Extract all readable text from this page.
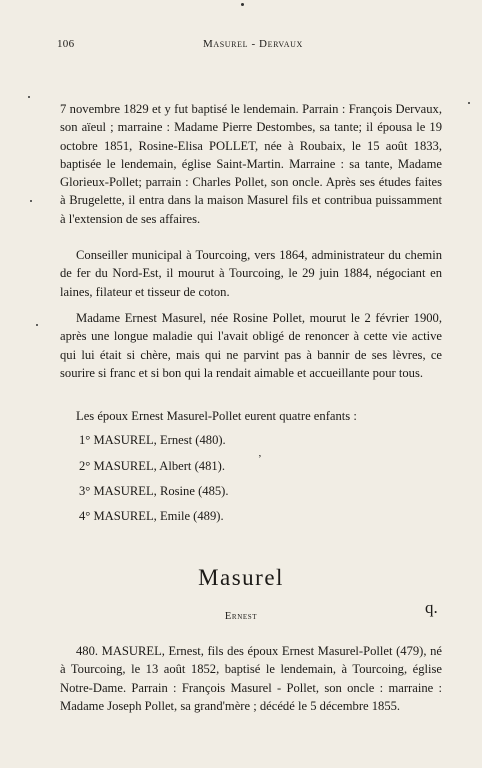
106	Masurel - Dervaux

7 novembre 1829 et y fut baptisé le lendemain. Parrain : François Dervaux, son aïeul ; marraine : Madame Pierre Destombes, sa tante; il épousa le 19 octobre 1851, Rosine-Elisa POLLET, née à Roubaix, le 15 août 1833, baptisée le lendemain, église Saint-Martin. Marraine : sa tante, Madame Glorieux-Pollet; parrain : Charles Pollet, son oncle. Après ses études faites à Brugelette, il entra dans la maison Masurel fils et contribua puissamment à l'extension de ses affaires.

Conseiller municipal à Tourcoing, vers 1864, administrateur du chemin de fer du Nord-Est, il mourut à Tourcoing, le 29 juin 1884, négociant en laines, filateur et tisseur de coton.

Madame Ernest Masurel, née Rosine Pollet, mourut le 2 février 1900, après une longue maladie qui l'avait obligé de renoncer à cette vie active qui lui était si chère, mais qui ne parvint pas à bannir de ses lèvres, ce sourire si franc et si bon qui la rendait aimable et accueillante pour tous.

Les époux Ernest Masurel-Pollet eurent quatre enfants :

1° MASUREL, Ernest (480).
2° MASUREL, Albert (481).
3° MASUREL, Rosine (485).
4° MASUREL, Emile (489).
ʼ
Masurel
Ernest	q.

480. MASUREL, Ernest, fils des époux Ernest Masurel-Pollet (479), né à Tourcoing, le 13 août 1852, baptisé le lendemain, à Tourcoing, église Notre-Dame. Parrain : François Masurel - Pollet, son oncle : marraine : Madame Joseph Pollet, sa grand'mère ; décédé le 5 décembre 1855.
